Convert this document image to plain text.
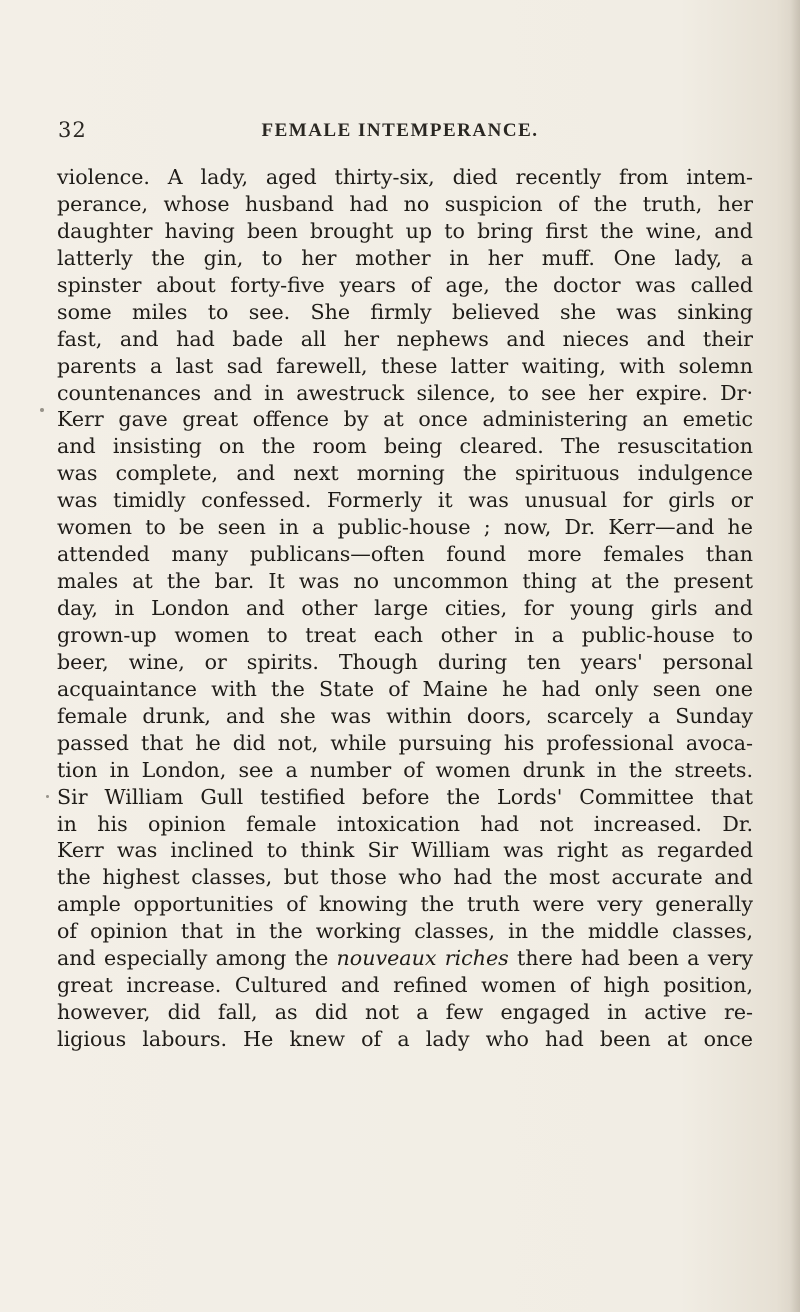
32	FEMALE INTEMPERANCE.
violence. A lady, aged thirty-six, died recently from intem-
perance, whose husband had no suspicion of the truth, her
daughter having been brought up to bring first the wine, and
latterly the gin, to her mother in her muff. One lady, a
spinster about forty-five years of age, the doctor was called
some miles to see. She firmly believed she was sinking
fast, and had bade all her nephews and nieces and their
parents a last sad farewell, these latter waiting, with solemn
countenances and in awestruck silence, to see her expire. Dr·
Kerr gave great offence by at once administering an emetic
and insisting on the room being cleared. The resuscitation
was complete, and next morning the spirituous indulgence
was timidly confessed. Formerly it was unusual for girls or
women to be seen in a public-house ; now, Dr. Kerr—and he
attended many publicans—often found more females than
males at the bar. It was no uncommon thing at the present
day, in London and other large cities, for young girls and
grown-up women to treat each other in a public-house to
beer, wine, or spirits. Though during ten years' personal
acquaintance with the State of Maine he had only seen one
female drunk, and she was within doors, scarcely a Sunday
passed that he did not, while pursuing his professional avoca-
tion in London, see a number of women drunk in the streets.
Sir William Gull testified before the Lords' Committee that
in his opinion female intoxication had not increased. Dr.
Kerr was inclined to think Sir William was right as regarded
the highest classes, but those who had the most accurate and
ample opportunities of knowing the truth were very generally
of opinion that in the working classes, in the middle classes,
and especially among the nouveaux riches there had been a very
great increase. Cultured and refined women of high position,
however, did fall, as did not a few engaged in active re-
ligious labours. He knew of a lady who had been at once
